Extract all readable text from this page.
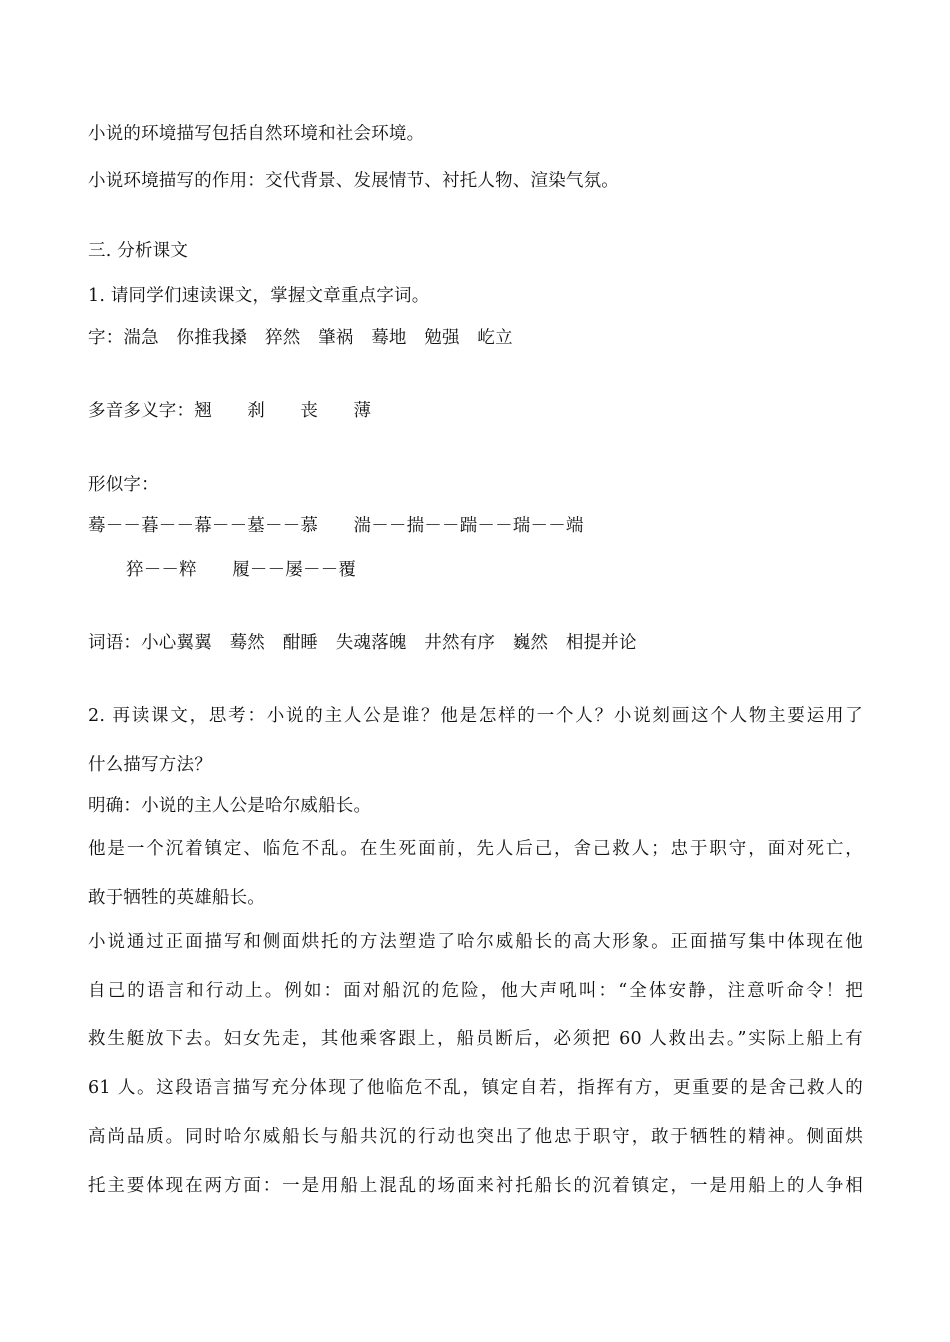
小说的环境描写包括自然环境和社会环境。
小说环境描写的作用：交代背景、发展情节、衬托人物、渲染气氛。
三. 分析课文
1. 请同学们速读课文，掌握文章重点字词。
字：湍急　你推我搡　猝然　肇祸　蓦地　勉强　屹立
多音多义字：翘　　刹　　丧　　薄
形似字：
蓦－－暮－－幕－－墓－－慕　　湍－－揣－－踹－－瑞－－端
猝－－粹　　履－－屡－－覆
词语：小心翼翼　蓦然　酣睡　失魂落魄　井然有序　巍然　相提并论
2. 再读课文，思考：小说的主人公是谁？他是怎样的一个人？小说刻画这个人物主要运用了
什么描写方法？
明确：小说的主人公是哈尔威船长。
他是一个沉着镇定、临危不乱。在生死面前，先人后己，舍己救人；忠于职守，面对死亡，
敢于牺牲的英雄船长。
小说通过正面描写和侧面烘托的方法塑造了哈尔威船长的高大形象。正面描写集中体现在他
自己的语言和行动上。例如：面对船沉的危险，他大声吼叫：“全体安静，注意听命令！把
救生艇放下去。妇女先走，其他乘客跟上，船员断后，必须把 60 人救出去。”实际上船上有
61 人。这段语言描写充分体现了他临危不乱，镇定自若，指挥有方，更重要的是舍己救人的
高尚品质。同时哈尔威船长与船共沉的行动也突出了他忠于职守，敢于牺牲的精神。侧面烘
托主要体现在两方面：一是用船上混乱的场面来衬托船长的沉着镇定，一是用船上的人争相
